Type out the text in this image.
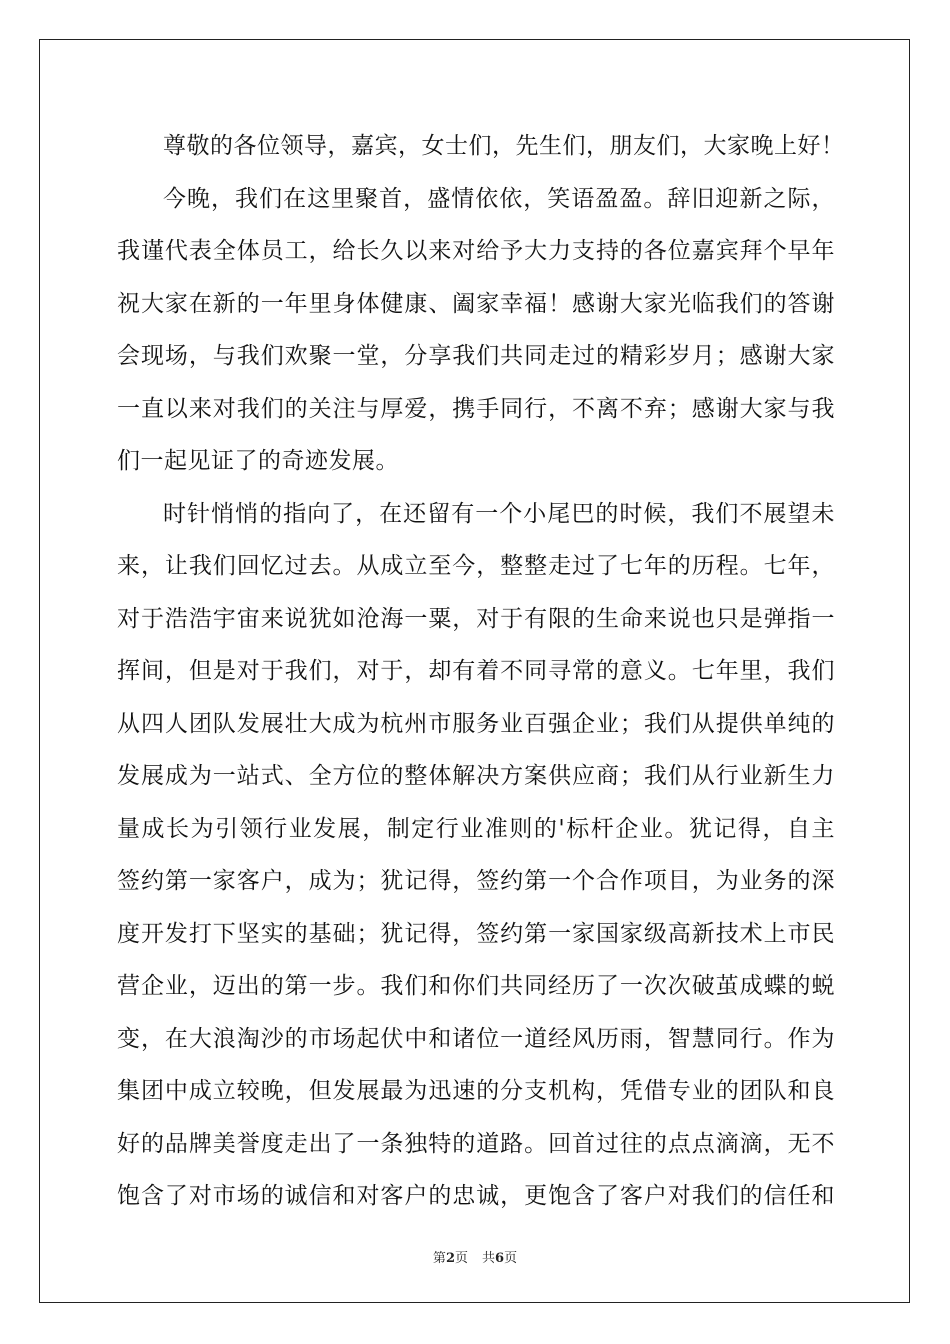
尊敬的各位领导，嘉宾，女士们，先生们，朋友们，大家晚上好！
今晚，我们在这里聚首，盛情依依，笑语盈盈。辞旧迎新之际，
我谨代表全体员工，给长久以来对给予大力支持的各位嘉宾拜个早年
祝大家在新的一年里身体健康、阖家幸福！感谢大家光临我们的答谢
会现场，与我们欢聚一堂，分享我们共同走过的精彩岁月；感谢大家
一直以来对我们的关注与厚爱，携手同行，不离不弃；感谢大家与我
们一起见证了的奇迹发展。
时针悄悄的指向了，在还留有一个小尾巴的时候，我们不展望未
来，让我们回忆过去。从成立至今，整整走过了七年的历程。七年，
对于浩浩宇宙来说犹如沧海一粟，对于有限的生命来说也只是弹指一
挥间，但是对于我们，对于，却有着不同寻常的意义。七年里，我们
从四人团队发展壮大成为杭州市服务业百强企业；我们从提供单纯的
发展成为一站式、全方位的整体解决方案供应商；我们从行业新生力
量成长为引领行业发展，制定行业准则的'标杆企业。犹记得，自主
签约第一家客户，成为；犹记得，签约第一个合作项目，为业务的深
度开发打下坚实的基础；犹记得，签约第一家国家级高新技术上市民
营企业，迈出的第一步。我们和你们共同经历了一次次破茧成蝶的蜕
变，在大浪淘沙的市场起伏中和诸位一道经风历雨，智慧同行。作为
集团中成立较晚，但发展最为迅速的分支机构，凭借专业的团队和良
好的品牌美誉度走出了一条独特的道路。回首过往的点点滴滴，无不
饱含了对市场的诚信和对客户的忠诚，更饱含了客户对我们的信任和
第2页 共6页
